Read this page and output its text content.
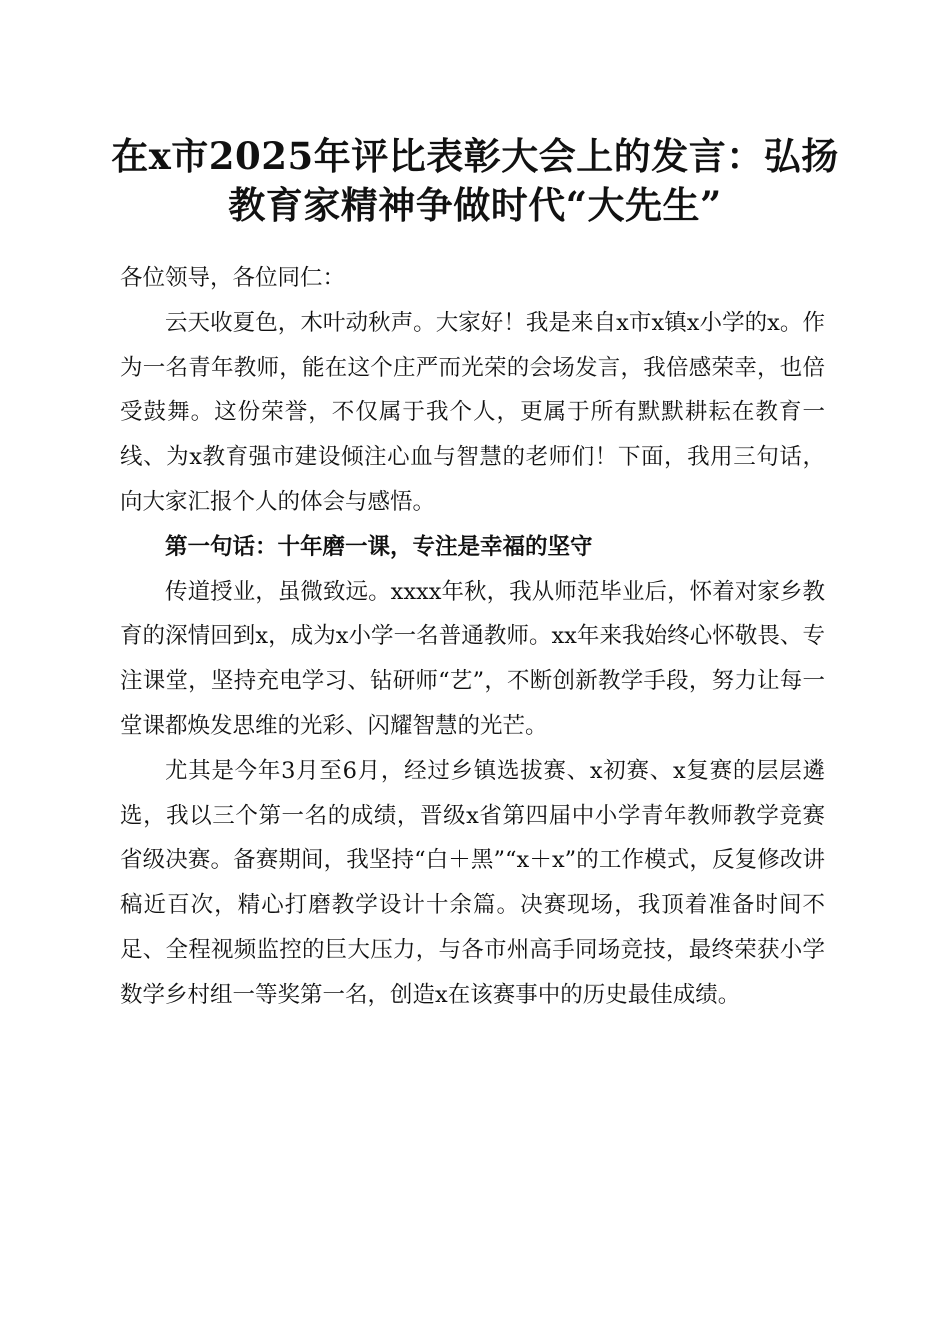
在x市2025年评比表彰大会上的发言：弘扬
教育家精神争做时代“大先生”

各位领导，各位同仁：

云天收夏色，木叶动秋声。大家好！我是来自x市x镇x小学的x。作为一名青年教师，能在这个庄严而光荣的会场发言，我倍感荣幸，也倍受鼓舞。这份荣誉，不仅属于我个人，更属于所有默默耕耘在教育一线、为x教育强市建设倾注心血与智慧的老师们！下面，我用三句话，向大家汇报个人的体会与感悟。

第一句话：十年磨一课，专注是幸福的坚守

传道授业，虽微致远。xxxx年秋，我从师范毕业后，怀着对家乡教育的深情回到x，成为x小学一名普通教师。xx年来我始终心怀敬畏、专注课堂，坚持充电学习、钻研师“艺”，不断创新教学手段，努力让每一堂课都焕发思维的光彩、闪耀智慧的光芒。

尤其是今年3月至6月，经过乡镇选拔赛、x初赛、x复赛的层层遴选，我以三个第一名的成绩，晋级x省第四届中小学青年教师教学竞赛省级决赛。备赛期间，我坚持“白＋黑”“x＋x”的工作模式，反复修改讲稿近百次，精心打磨教学设计十余篇。决赛现场，我顶着准备时间不足、全程视频监控的巨大压力，与各市州高手同场竞技，最终荣获小学数学乡村组一等奖第一名，创造x在该赛事中的历史最佳成绩。
